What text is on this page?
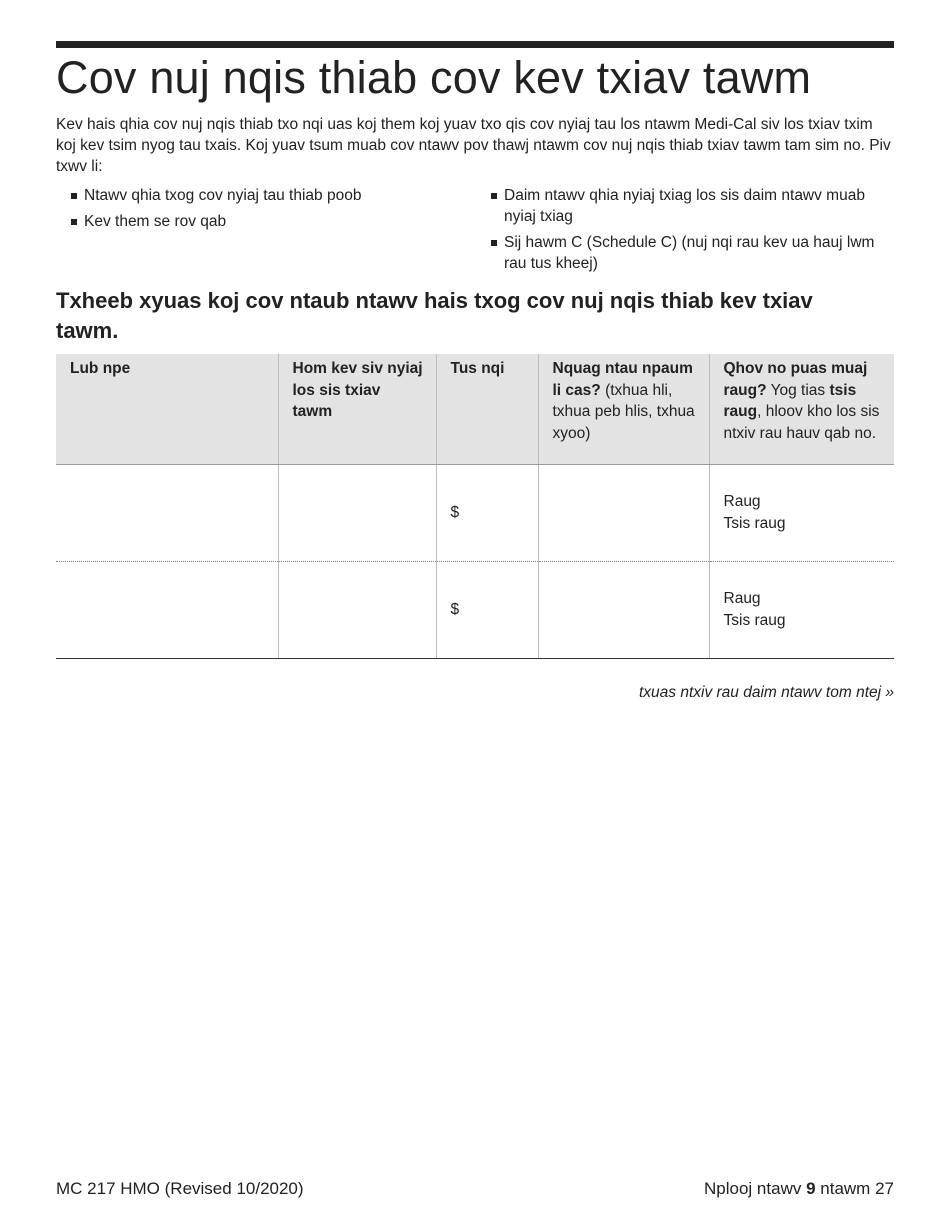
Cov nuj nqis thiab cov kev txiav tawm

Kev hais qhia cov nuj nqis thiab txo nqi uas koj them koj yuav txo qis cov nyiaj tau los ntawm Medi-Cal siv los txiav txim koj kev tsim nyog tau txais. Koj yuav tsum muab cov ntawv pov thawj ntawm cov nuj nqis thiab txiav tawm tam sim no. Piv txwv li:

Ntawv qhia txog cov nyiaj tau thiab poob
Kev them se rov qab
Daim ntawv qhia nyiaj txiag los sis daim ntawv muab nyiaj txiag
Sij hawm C (Schedule C) (nuj nqi rau kev ua hauj lwm rau tus kheej)
Txheeb xyuas koj cov ntaub ntawv hais txog cov nuj nqis thiab kev txiav tawm.
Lub npe	Hom kev siv nyiaj los sis txiav tawm	Tus nqi	Nquag ntau npaum li cas? (txhua hli, txhua peb hlis, txhua xyoo)	Qhov no puas muaj raug? Yog tias tsis raug, hloov kho los sis ntxiv rau hauv qab no.
		$		Raug
Tsis raug

		$		Raug
Tsis raug

txuas ntxiv rau daim ntawv tom ntej »

MC 217 HMO (Revised 10/2020)	Nplooj ntawv 9 ntawm 27
